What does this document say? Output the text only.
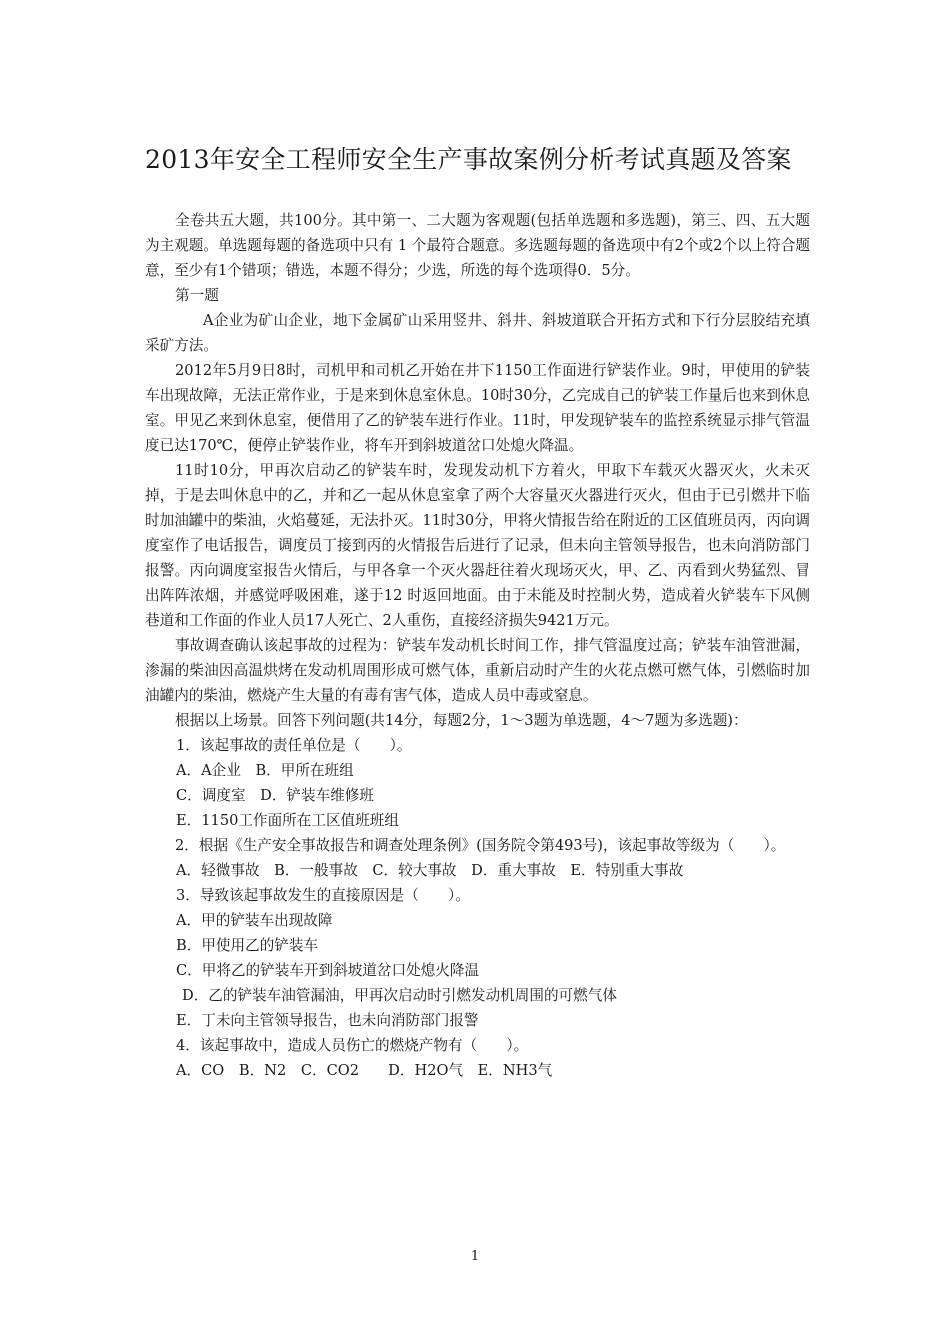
2013年安全工程师安全生产事故案例分析考试真题及答案

全卷共五大题，共100分。其中第一、二大题为客观题(包括单选题和多选题)，第三、四、五大题为主观题。单选题每题的备选项中只有 1 个最符合题意。多选题每题的备选项中有2个或2个以上符合题意，至少有1个错项；错选，本题不得分；少选，所选的每个选项得0．5分。

第一题

A企业为矿山企业，地下金属矿山采用竖井、斜井、斜坡道联合开拓方式和下行分层胶结充填采矿方法。

2012年5月9日8时，司机甲和司机乙开始在井下1150工作面进行铲装作业。9时，甲使用的铲装车出现故障，无法正常作业，于是来到休息室休息。10时30分，乙完成自己的铲装工作量后也来到休息室。甲见乙来到休息室，便借用了乙的铲装车进行作业。11时，甲发现铲装车的监控系统显示排气管温度已达170℃，便停止铲装作业，将车开到斜坡道岔口处熄火降温。

11时10分，甲再次启动乙的铲装车时，发现发动机下方着火，甲取下车载灭火器灭火，火未灭掉，于是去叫休息中的乙，并和乙一起从休息室拿了两个大容量灭火器进行灭火，但由于已引燃井下临时加油罐中的柴油，火焰蔓延，无法扑灭。11时30分，甲将火情报告给在附近的工区值班员丙，丙向调度室作了电话报告，调度员丁接到丙的火情报告后进行了记录，但未向主管领导报告，也未向消防部门报警。丙向调度室报告火情后，与甲各拿一个灭火器赶往着火现场灭火，甲、乙、丙看到火势猛烈、冒出阵阵浓烟，并感觉呼吸困难，遂于12 时返回地面。由于未能及时控制火势，造成着火铲装车下风侧巷道和工作面的作业人员17人死亡、2人重伤，直接经济损失9421万元。

事故调查确认该起事故的过程为：铲装车发动机长时间工作，排气管温度过高；铲装车油管泄漏，渗漏的柴油因高温烘烤在发动机周围形成可燃气体，重新启动时产生的火花点燃可燃气体，引燃临时加油罐内的柴油，燃烧产生大量的有毒有害气体，造成人员中毒或窒息。

根据以上场景。回答下列问题(共14分，每题2分，1～3题为单选题，4～7题为多选题)：

1．该起事故的责任单位是（　　）。

A．A企业　B．甲所在班组

C．调度室　D．铲装车维修班

E．1150工作面所在工区值班班组

2．根据《生产安全事故报告和调查处理条例》(国务院令第493号)，该起事故等级为（　　）。

A．轻微事故　B．一般事故　C．较大事故　D．重大事故　E．特别重大事故

3．导致该起事故发生的直接原因是（　　）。

A．甲的铲装车出现故障

B．甲使用乙的铲装车

C．甲将乙的铲装车开到斜坡道岔口处熄火降温

D．乙的铲装车油管漏油，甲再次启动时引燃发动机周围的可燃气体

E．丁未向主管领导报告，也未向消防部门报警

4．该起事故中，造成人员伤亡的燃烧产物有（　　）。

A．CO　B．N2　C．CO2　　D．H2O气　E．NH3气

1
